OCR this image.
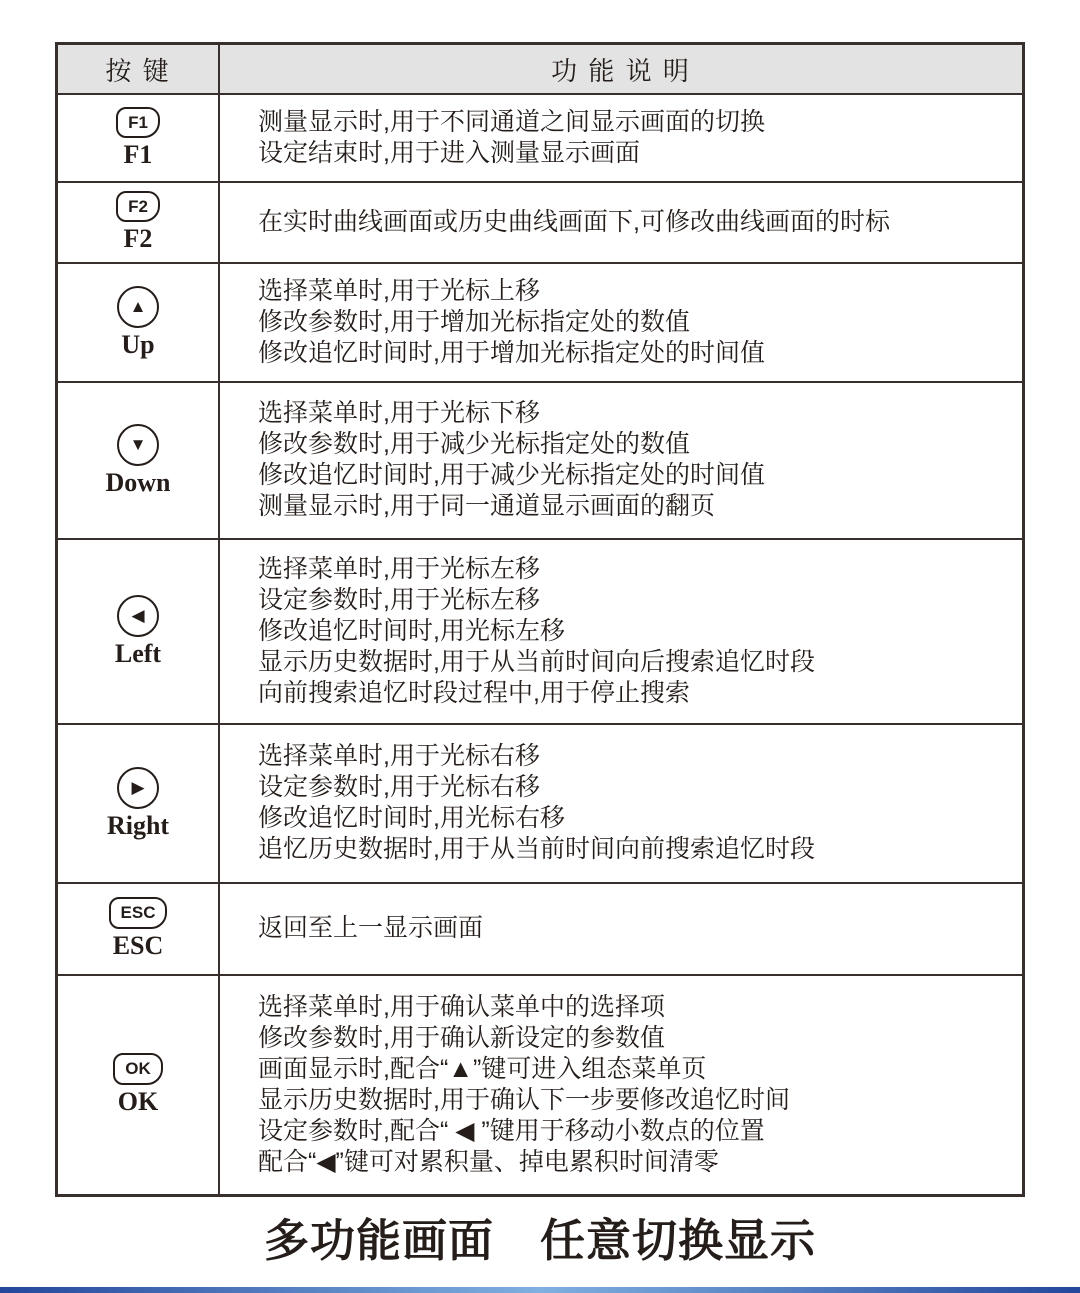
按 键	功 能 说 明
F1
F1
测量显示时,用于不同通道之间显示画面的切换
设定结束时,用于进入测量显示画面
F2
F2
在实时曲线画面或历史曲线画面下,可修改曲线画面的时标
▲
Up
选择菜单时,用于光标上移
修改参数时,用于增加光标指定处的数值
修改追忆时间时,用于增加光标指定处的时间值
▼
Down
选择菜单时,用于光标下移
修改参数时,用于减少光标指定处的数值
修改追忆时间时,用于减少光标指定处的时间值
测量显示时,用于同一通道显示画面的翻页
◀
Left
选择菜单时,用于光标左移
设定参数时,用于光标左移
修改追忆时间时,用光标左移
显示历史数据时,用于从当前时间向后搜索追忆时段
向前搜索追忆时段过程中,用于停止搜索
▶
Right
选择菜单时,用于光标右移
设定参数时,用于光标右移
修改追忆时间时,用光标右移
追忆历史数据时,用于从当前时间向前搜索追忆时段
ESC
ESC
返回至上一显示画面
OK
OK
选择菜单时,用于确认菜单中的选择项
修改参数时,用于确认新设定的参数值
画面显示时,配合“▲”键可进入组态菜单页
显示历史数据时,用于确认下一步要修改追忆时间
设定参数时,配合“ ◀ ”键用于移动小数点的位置
配合“◀”键可对累积量、掉电累积时间清零
多功能画面　任意切换显示
